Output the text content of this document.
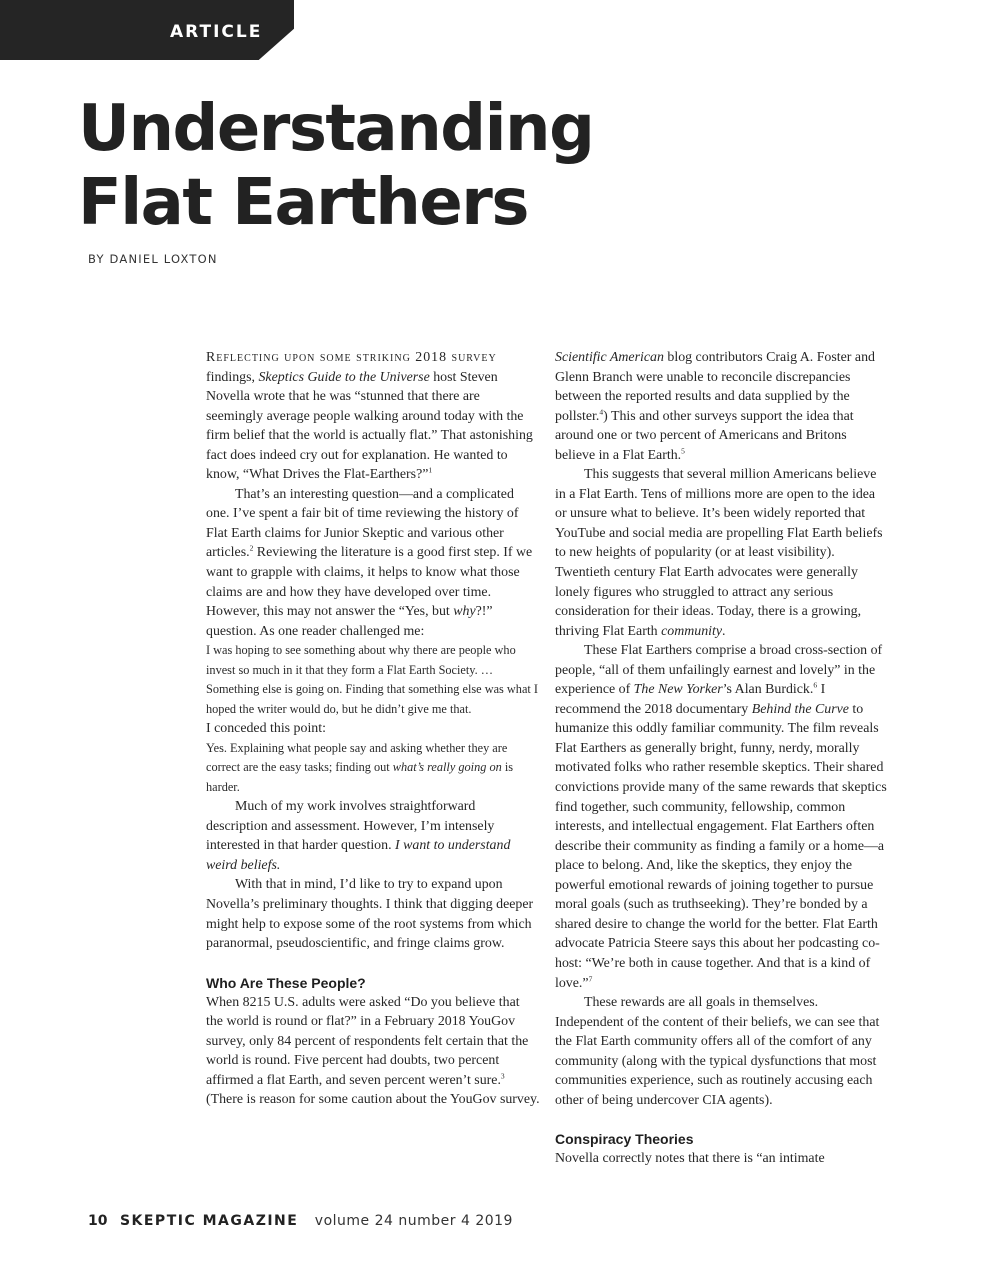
ARTICLE
Understanding
Flat Earthers
BY DANIEL LOXTON

Reflecting upon some striking 2018 survey findings, Skeptics Guide to the Universe host Steven Novella wrote that he was “stunned that there are seemingly average people walking around today with the firm belief that the world is actually flat.” That astonishing fact does indeed cry out for explanation. He wanted to know, “What Drives the Flat-Earthers?”$^1$

That’s an interesting question—and a complicated one. I’ve spent a fair bit of time reviewing the history of Flat Earth claims for Junior Skeptic and various other articles.$^2$ Reviewing the literature is a good first step. If we want to grapple with claims, it helps to know what those claims are and how they have developed over time. However, this may not answer the “Yes, but why?!” question. As one reader challenged me:

I was hoping to see something about why there are people who invest so much in it that they form a Flat Earth Society. … Something else is going on. Finding that something else was what I hoped the writer would do, but he didn’t give me that.

I conceded this point:

Yes. Explaining what people say and asking whether they are correct are the easy tasks; finding out what’s really going on is harder.

Much of my work involves straightforward description and assessment. However, I’m intensely interested in that harder question. I want to understand weird beliefs.

With that in mind, I’d like to try to expand upon Novella’s preliminary thoughts. I think that digging deeper might help to expose some of the root systems from which paranormal, pseudoscientific, and fringe claims grow.

Who Are These People?

When 8215 U.S. adults were asked “Do you believe that the world is round or flat?” in a February 2018 YouGov survey, only 84 percent of respondents felt certain that the world is round. Five percent had doubts, two percent affirmed a flat Earth, and seven percent weren’t sure.$^3$ (There is reason for some caution about the YouGov survey.

Scientific American blog contributors Craig A. Foster and Glenn Branch were unable to reconcile discrepancies between the reported results and data supplied by the pollster.$^4$) This and other surveys support the idea that around one or two percent of Americans and Britons believe in a Flat Earth.$^5$

This suggests that several million Americans believe in a Flat Earth. Tens of millions more are open to the idea or unsure what to believe. It’s been widely reported that YouTube and social media are propelling Flat Earth beliefs to new heights of popularity (or at least visibility). Twentieth century Flat Earth advocates were generally lonely figures who struggled to attract any serious consideration for their ideas. Today, there is a growing, thriving Flat Earth community.

These Flat Earthers comprise a broad cross-section of people, “all of them unfailingly earnest and lovely” in the experience of The New Yorker’s Alan Burdick.$^6$ I recommend the 2018 documentary Behind the Curve to humanize this oddly familiar community. The film reveals Flat Earthers as generally bright, funny, nerdy, morally motivated folks who rather resemble skeptics. Their shared convictions provide many of the same rewards that skeptics find together, such community, fellowship, common interests, and intellectual engagement. Flat Earthers often describe their community as finding a family or a home—a place to belong. And, like the skeptics, they enjoy the powerful emotional rewards of joining together to pursue moral goals (such as truthseeking). They’re bonded by a shared desire to change the world for the better. Flat Earth advocate Patricia Steere says this about her podcasting co-host: “We’re both in cause together. And that is a kind of love.”$^7$

These rewards are all goals in themselves. Independent of the content of their beliefs, we can see that the Flat Earth community offers all of the comfort of any community (along with the typical dysfunctions that most communities experience, such as routinely accusing each other of being undercover CIA agents).

Conspiracy Theories

Novella correctly notes that there is “an intimate

10 SKEPTIC MAGAZINE volume 24 number 4 2019
